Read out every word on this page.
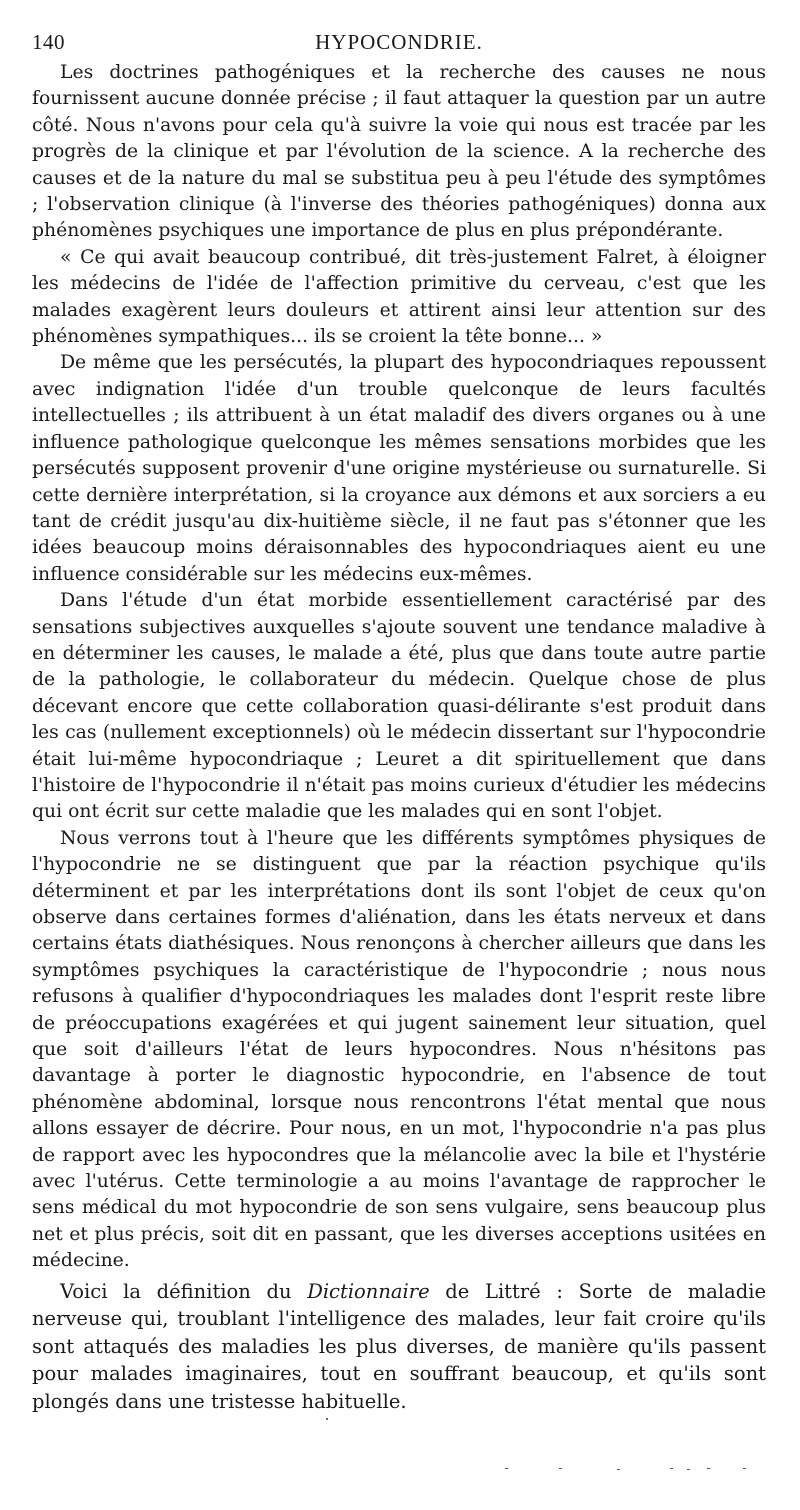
140	HYPOCONDRIE.

Les doctrines pathogéniques et la recherche des causes ne nous fournissent aucune donnée précise ; il faut attaquer la question par un autre côté. Nous n'avons pour cela qu'à suivre la voie qui nous est tracée par les progrès de la clinique et par l'évolution de la science. A la recherche des causes et de la nature du mal se substitua peu à peu l'étude des symptômes ; l'observation clinique (à l'inverse des théories pathogéniques) donna aux phénomènes psychiques une importance de plus en plus prépondérante.

« Ce qui avait beaucoup contribué, dit très-justement Falret, à éloigner les médecins de l'idée de l'affection primitive du cerveau, c'est que les malades exagèrent leurs douleurs et attirent ainsi leur attention sur des phénomènes sympathiques... ils se croient la tête bonne... »

De même que les persécutés, la plupart des hypocondriaques repoussent avec indignation l'idée d'un trouble quelconque de leurs facultés intellectuelles ; ils attribuent à un état maladif des divers organes ou à une influence pathologique quelconque les mêmes sensations morbides que les persécutés supposent provenir d'une origine mystérieuse ou surnaturelle. Si cette dernière interprétation, si la croyance aux démons et aux sorciers a eu tant de crédit jusqu'au dix-huitième siècle, il ne faut pas s'étonner que les idées beaucoup moins déraisonnables des hypocondriaques aient eu une influence considérable sur les médecins eux-mêmes.

Dans l'étude d'un état morbide essentiellement caractérisé par des sensations subjectives auxquelles s'ajoute souvent une tendance maladive à en déterminer les causes, le malade a été, plus que dans toute autre partie de la pathologie, le collaborateur du médecin. Quelque chose de plus décevant encore que cette collaboration quasi-délirante s'est produit dans les cas (nullement exceptionnels) où le médecin dissertant sur l'hypocondrie était lui-même hypocondriaque ; Leuret a dit spirituellement que dans l'histoire de l'hypocondrie il n'était pas moins curieux d'étudier les médecins qui ont écrit sur cette maladie que les malades qui en sont l'objet.

Nous verrons tout à l'heure que les différents symptômes physiques de l'hypocondrie ne se distinguent que par la réaction psychique qu'ils déterminent et par les interprétations dont ils sont l'objet de ceux qu'on observe dans certaines formes d'aliénation, dans les états nerveux et dans certains états diathésiques. Nous renonçons à chercher ailleurs que dans les symptômes psychiques la caractéristique de l'hypocondrie ; nous nous refusons à qualifier d'hypocondriaques les malades dont l'esprit reste libre de préoccupations exagérées et qui jugent sainement leur situation, quel que soit d'ailleurs l'état de leurs hypocondres. Nous n'hésitons pas davantage à porter le diagnostic hypocondrie, en l'absence de tout phénomène abdominal, lorsque nous rencontrons l'état mental que nous allons essayer de décrire. Pour nous, en un mot, l'hypocondrie n'a pas plus de rapport avec les hypocondres que la mélancolie avec la bile et l'hystérie avec l'utérus. Cette terminologie a au moins l'avantage de rapprocher le sens médical du mot hypocondrie de son sens vulgaire, sens beaucoup plus net et plus précis, soit dit en passant, que les diverses acceptions usitées en médecine.

Voici la définition du Dictionnaire de Littré : Sorte de maladie nerveuse qui, troublant l'intelligence des malades, leur fait croire qu'ils sont attaqués des maladies les plus diverses, de manière qu'ils passent pour malades imaginaires, tout en souffrant beaucoup, et qu'ils sont plongés dans une tristesse habituelle.
